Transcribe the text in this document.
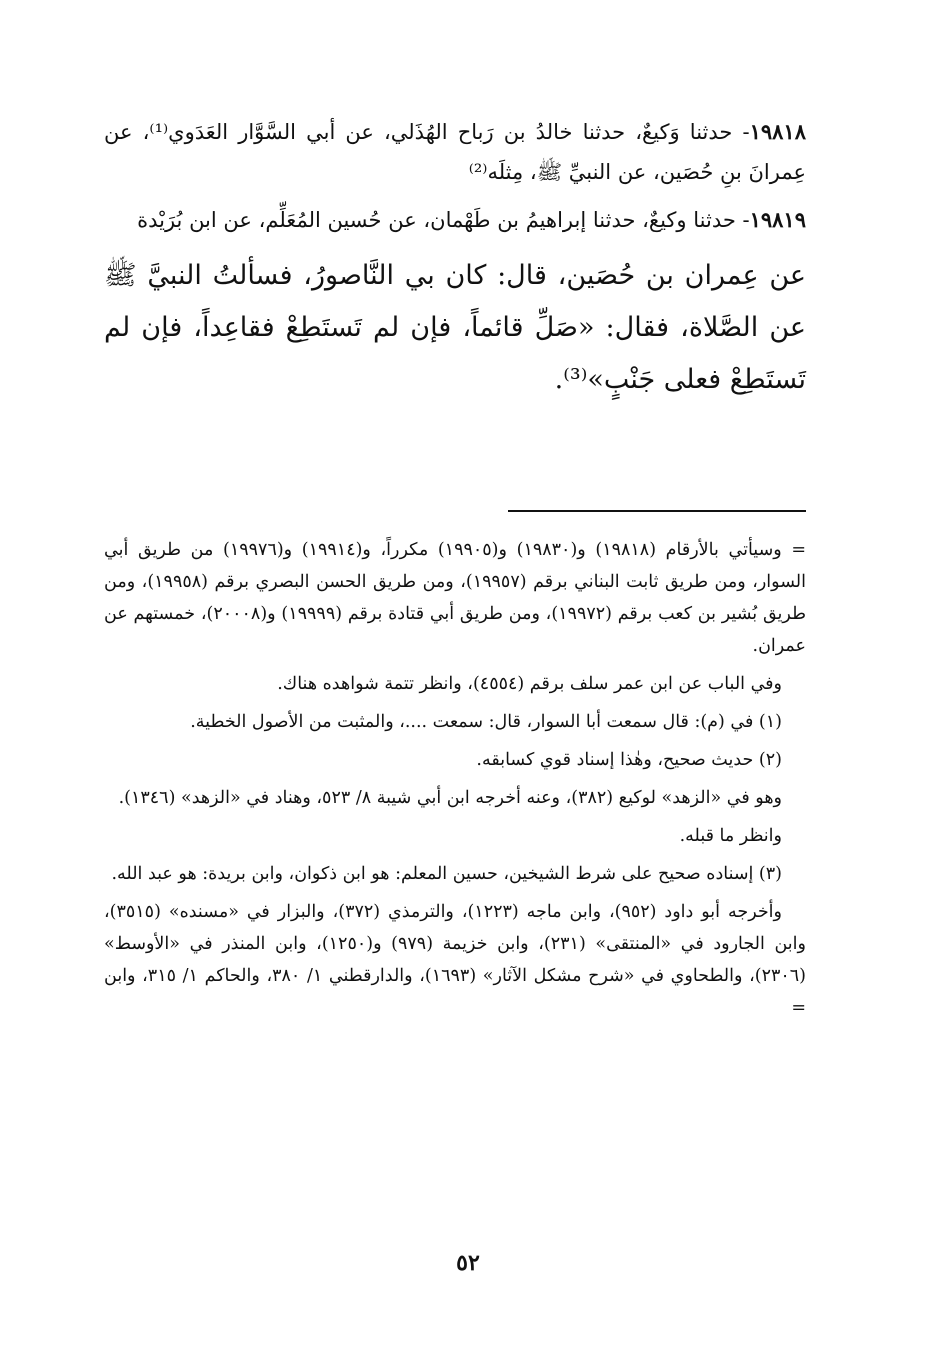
١٩٨١٨- حدثنا وَكيعٌ، حدثنا خالدُ بن رَباح الهُذَلي، عن أبي السَّوَّار العَدَوي⁽¹⁾، عن عِمرانَ بنِ حُصَين، عن النبيِّ ﷺ، مِثلَه⁽²⁾

١٩٨١٩- حدثنا وكيعٌ، حدثنا إبراهيمُ بن طَهْمان، عن حُسين المُعَلِّم، عن ابن بُرَيْدة

عن عِمران بن حُصَين، قال: كان بي النَّاصورُ، فسألتُ النبيَّ ﷺ عن الصَّلاة، فقال: «صَلِّ قائماً، فإن لم تَستَطِعْ فقاعِداً، فإن لم تَستَطِعْ فعلى جَنْبٍ»⁽³⁾.

= وسيأتي بالأرقام (١٩٨١٨) و(١٩٨٣٠) و(١٩٩٠٥) مكرراً، و(١٩٩١٤) و(١٩٩٧٦) من طريق أبي السوار، ومن طريق ثابت البناني برقم (١٩٩٥٧)، ومن طريق الحسن البصري برقم (١٩٩٥٨)، ومن طريق بُشير بن كعب برقم (١٩٩٧٢)، ومن طريق أبي قتادة برقم (١٩٩٩٩) و(٢٠٠٠٨)، خمستهم عن عمران.

وفي الباب عن ابن عمر سلف برقم (٤٥٥٤)، وانظر تتمة شواهده هناك.

(١) في (م): قال سمعت أبا السوار، قال: سمعت ....، والمثبت من الأصول الخطية.

(٢) حديث صحيح، وهٰذا إسناد قوي كسابقه.

وهو في «الزهد» لوكيع (٣٨٢)، وعنه أخرجه ابن أبي شيبة ٨/ ٥٢٣، وهناد في «الزهد» (١٣٤٦).

وانظر ما قبله.

(٣) إسناده صحيح على شرط الشيخين، حسين المعلم: هو ابن ذكوان، وابن بريدة: هو عبد الله.

وأخرجه أبو داود (٩٥٢)، وابن ماجه (١٢٢٣)، والترمذي (٣٧٢)، والبزار في «مسنده» (٣٥١٥)، وابن الجارود في «المنتقى» (٢٣١)، وابن خزيمة (٩٧٩) و(١٢٥٠)، وابن المنذر في «الأوسط» (٢٣٠٦)، والطحاوي في «شرح مشكل الآثار» (١٦٩٣)، والدارقطني ١/ ٣٨٠، والحاكم ١/ ٣١٥، وابن =

٥٢
